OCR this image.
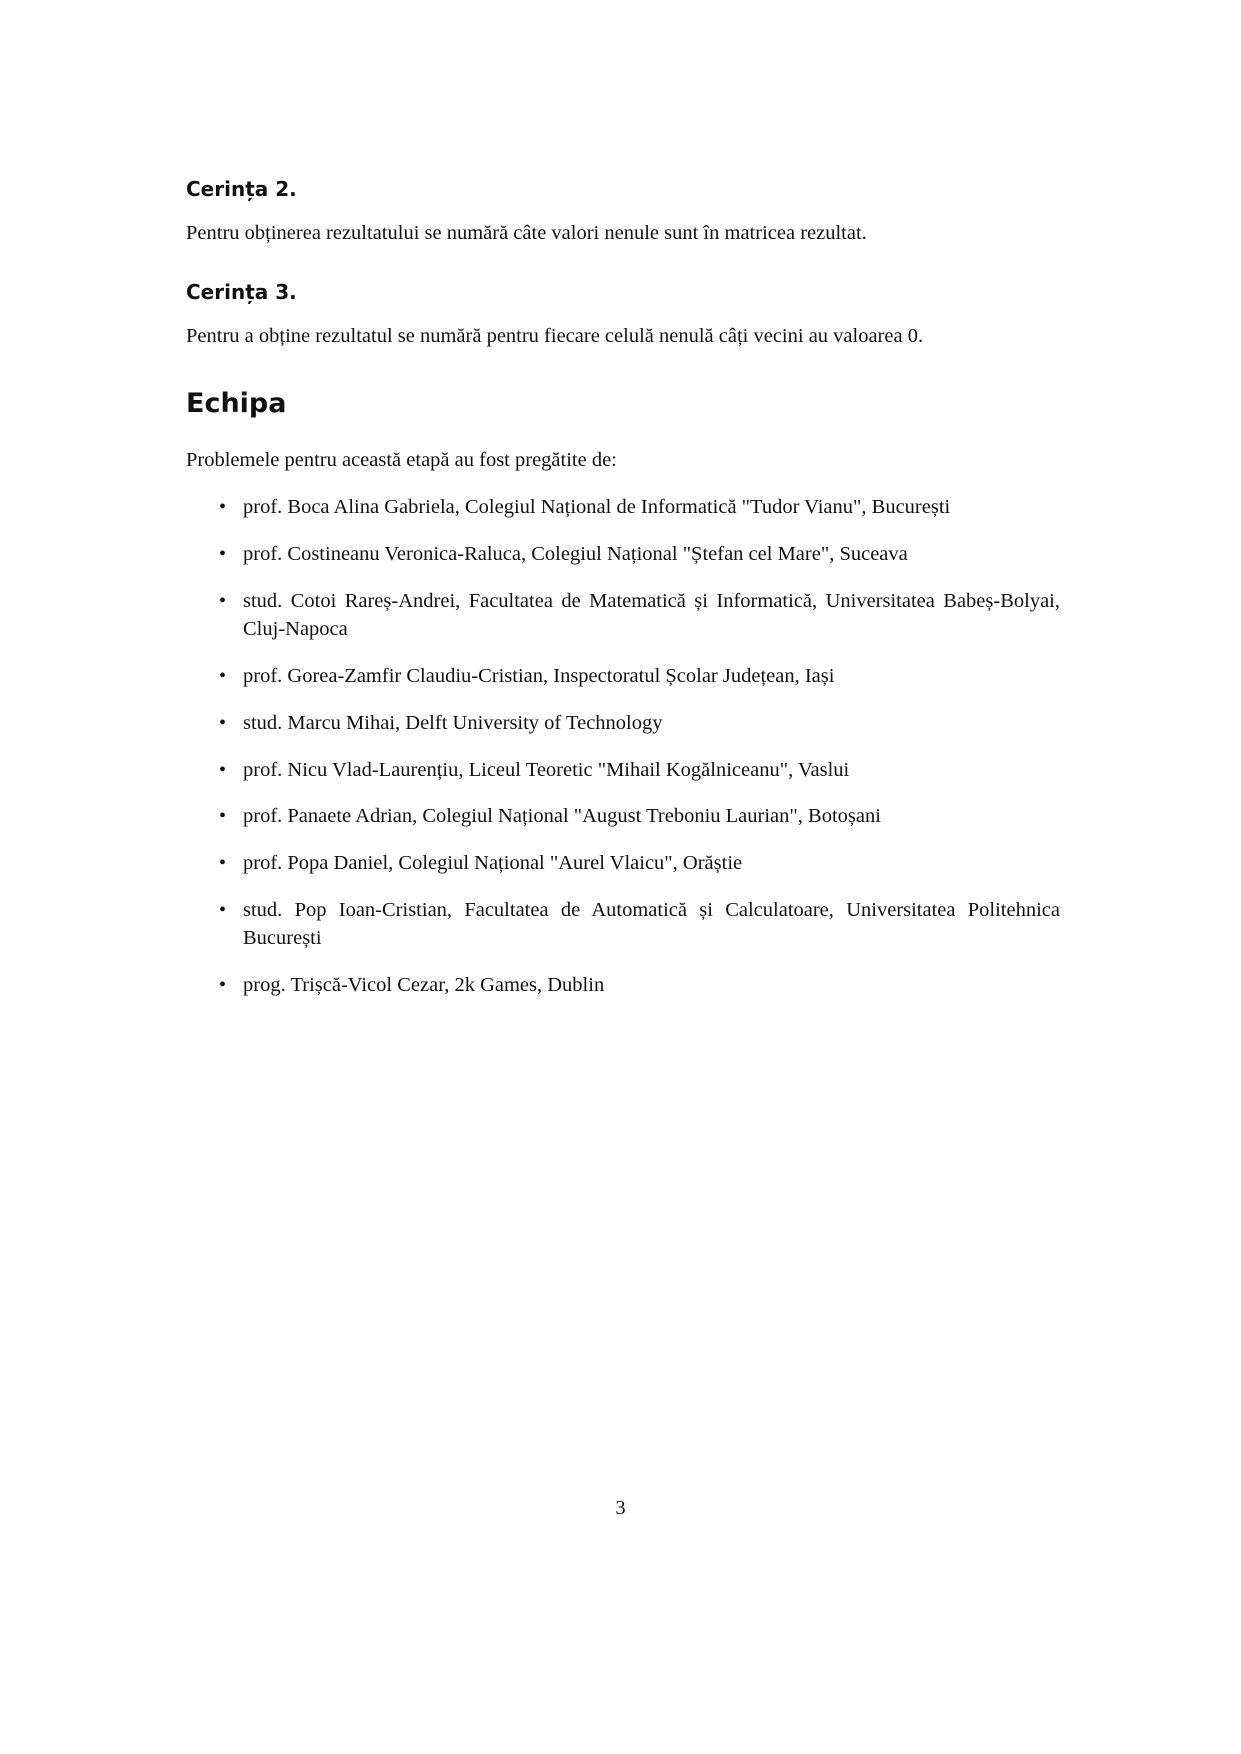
Cerința 2.

Pentru obținerea rezultatului se numără câte valori nenule sunt în matricea rezultat.

Cerința 3.

Pentru a obține rezultatul se numără pentru fiecare celulă nenulă câți vecini au valoarea 0.

Echipa

Problemele pentru această etapă au fost pregătite de:

• prof. Boca Alina Gabriela, Colegiul Național de Informatică "Tudor Vianu", București
• prof. Costineanu Veronica-Raluca, Colegiul Național "Ștefan cel Mare", Suceava
• stud. Cotoi Rareș-Andrei, Facultatea de Matematică și Informatică, Universitatea Babeș-Bolyai, Cluj-Napoca
• prof. Gorea-Zamfir Claudiu-Cristian, Inspectoratul Școlar Județean, Iași
• stud. Marcu Mihai, Delft University of Technology
• prof. Nicu Vlad-Laurențiu, Liceul Teoretic "Mihail Kogălniceanu", Vaslui
• prof. Panaete Adrian, Colegiul Național "August Treboniu Laurian", Botoșani
• prof. Popa Daniel, Colegiul Național "Aurel Vlaicu", Orăștie
• stud. Pop Ioan-Cristian, Facultatea de Automatică și Calculatoare, Universitatea Politehnica București
• prog. Trișcă-Vicol Cezar, 2k Games, Dublin
3
